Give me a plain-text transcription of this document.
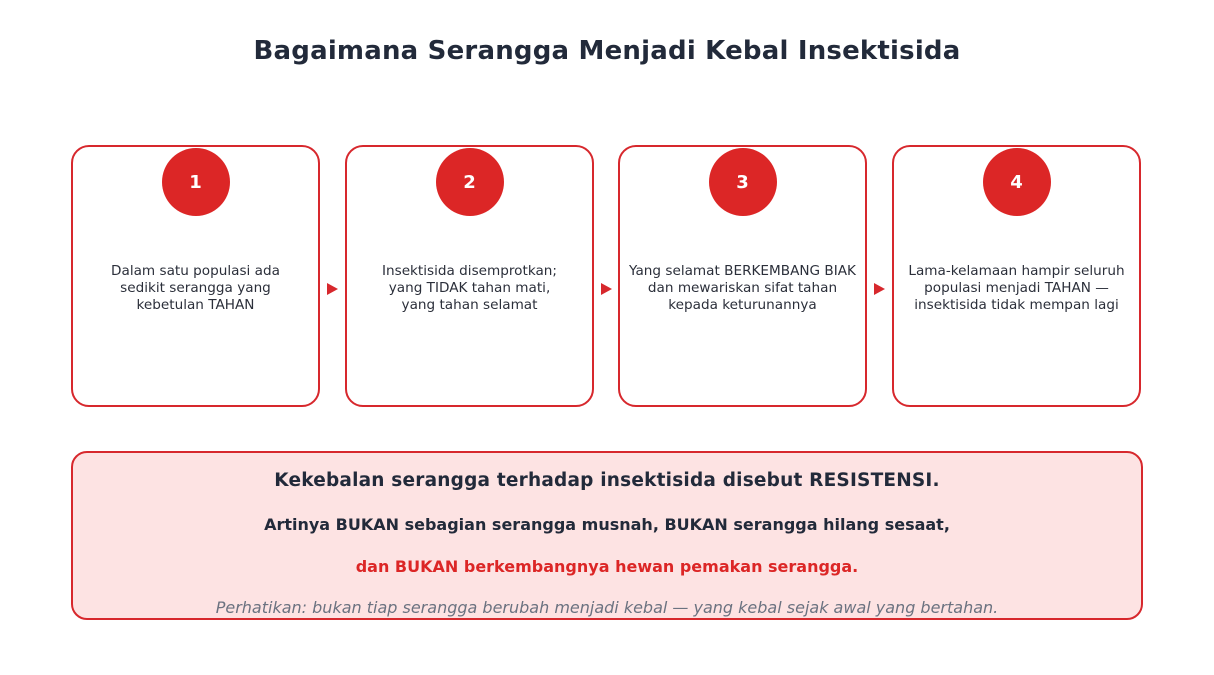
Bagaimana Serangga Menjadi Kebal Insektisida
1
Dalam satu populasi ada
sedikit serangga yang
kebetulan TAHAN
2
Insektisida disemprotkan;
yang TIDAK tahan mati,
yang tahan selamat
3
Yang selamat BERKEMBANG BIAK
dan mewariskan sifat tahan
kepada keturunannya
4
Lama-kelamaan hampir seluruh
populasi menjadi TAHAN —
insektisida tidak mempan lagi
Kekebalan serangga terhadap insektisida disebut RESISTENSI.
Artinya BUKAN sebagian serangga musnah, BUKAN serangga hilang sesaat,
dan BUKAN berkembangnya hewan pemakan serangga.
Perhatikan: bukan tiap serangga berubah menjadi kebal — yang kebal sejak awal yang bertahan.
